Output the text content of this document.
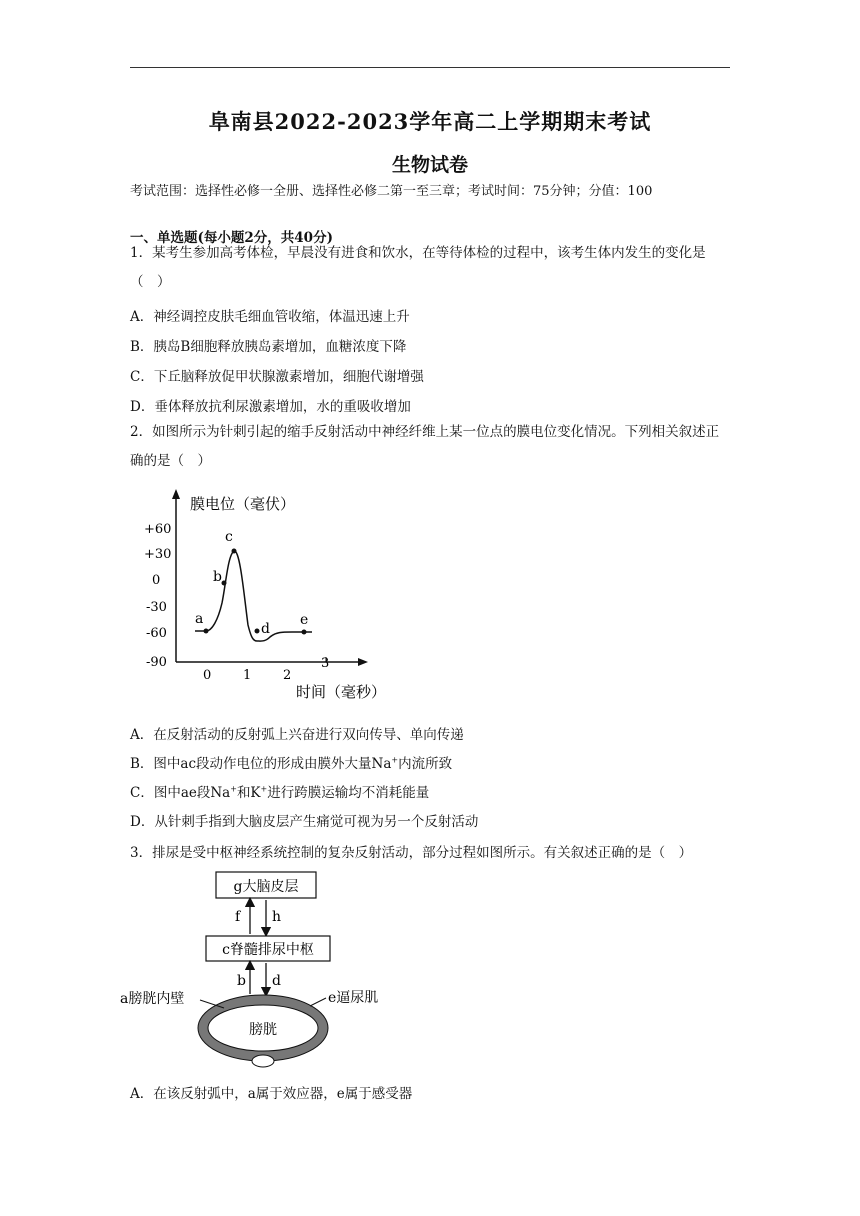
阜南县2022-2023学年高二上学期期末考试
生物试卷
考试范围：选择性必修一全册、选择性必修二第一至三章；考试时间：75分钟；分值：100
一、单选题(每小题2分，共40分)
1．某考生参加高考体检，早晨没有进食和饮水，在等待体检的过程中，该考生体内发生的变化是（　）
A．神经调控皮肤毛细血管收缩，体温迅速上升
B．胰岛B细胞释放胰岛素增加，血糖浓度下降
C．下丘脑释放促甲状腺激素增加，细胞代谢增强
D．垂体释放抗利尿激素增加，水的重吸收增加
2．如图所示为针刺引起的缩手反射活动中神经纤维上某一位点的膜电位变化情况。下列相关叙述正确的是（　）
膜电位（毫伏）
时间（毫秒）
+60
+30
0
-30
-60
-90
0 1 2
3
a
b
c
d
e
A．在反射活动的反射弧上兴奋进行双向传导、单向传递
B．图中ac段动作电位的形成由膜外大量Na+内流所致
C．图中ae段Na+和K+进行跨膜运输均不消耗能量
D．从针刺手指到大脑皮层产生痛觉可视为另一个反射活动
3．排尿是受中枢神经系统控制的复杂反射活动，部分过程如图所示。有关叙述正确的是（　）
g大脑皮层
f h
c脊髓排尿中枢
b d
膀胱
a膀胱内壁	e逼尿肌
A．在该反射弧中，a属于效应器，e属于感受器
